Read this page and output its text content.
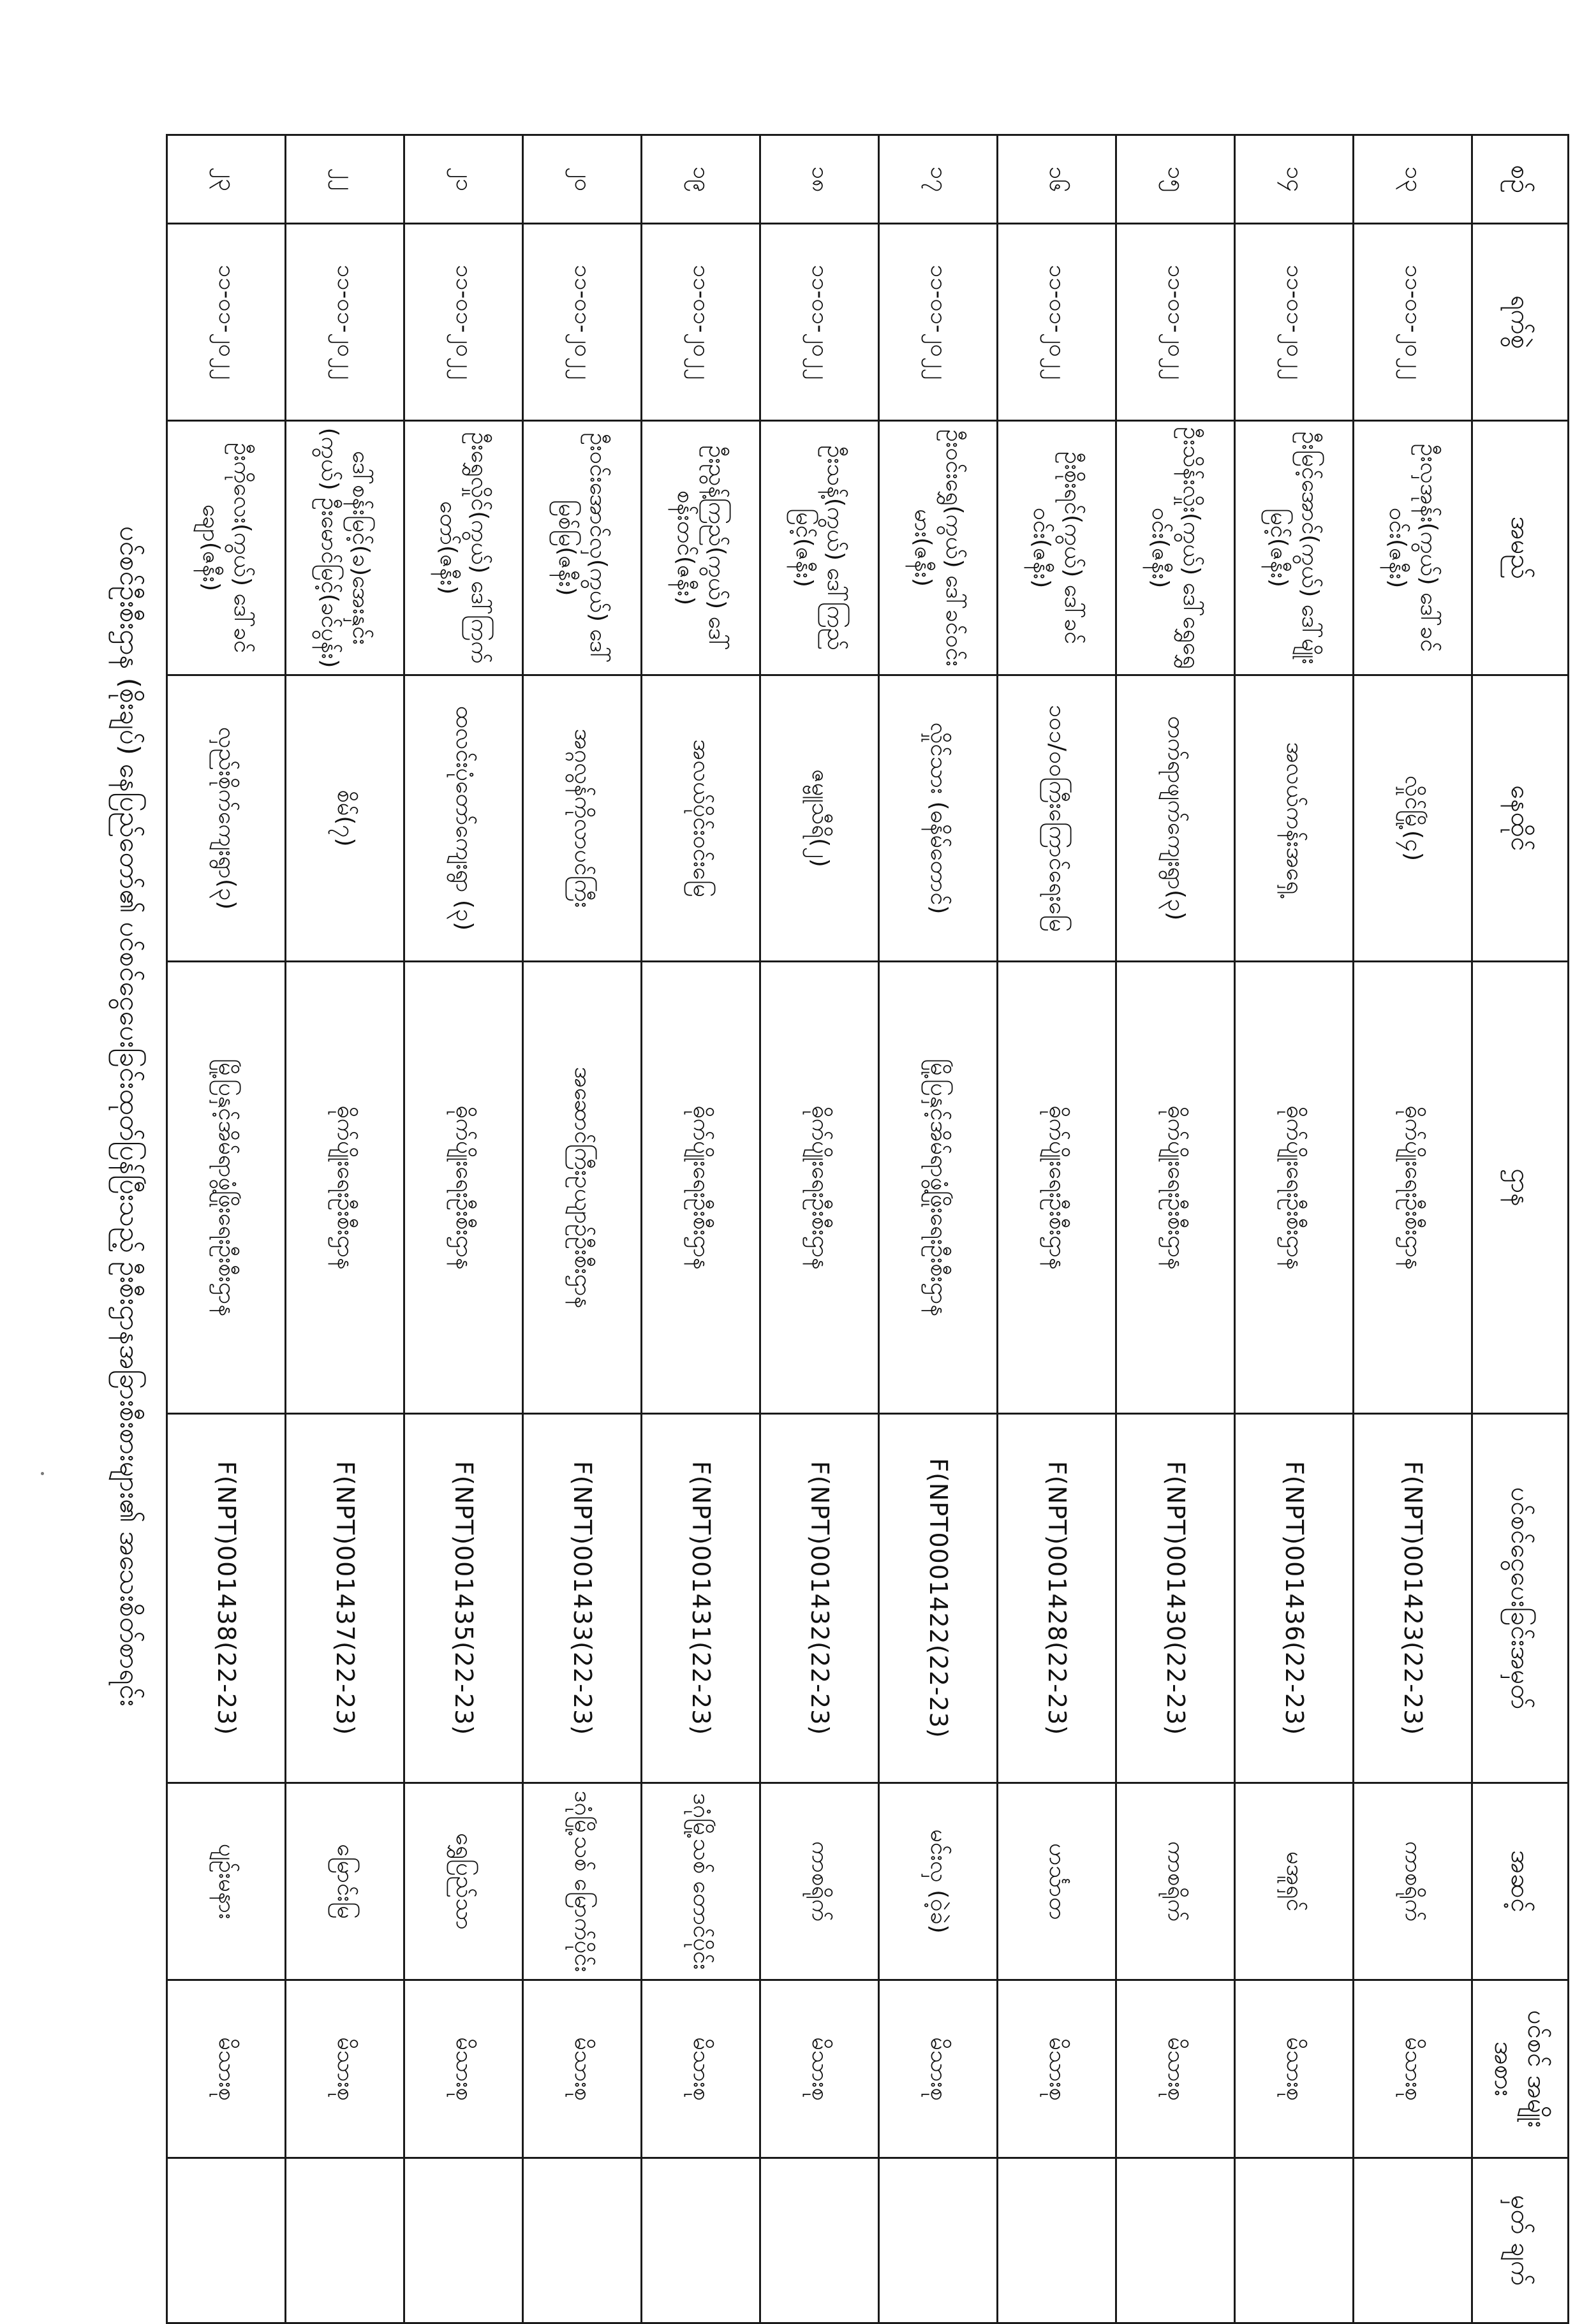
စဉ်	ရက်စွဲ	အမည်	နေထိုင်	ဌာန	ပင်စင်ငွေပေးခြင်းအမှတ်	အဆင့်	ပင်စင် အမျိုးအစား	မှတ် ချက်
၁၃	၁၁-၀၁-၂၀၂၂	ဦးလှအုန်း(ကွယ်) ဒေါ်ခင်ဝင်း(ဇနီး)	လှိုင်မြို့(၄)	ဓိုက်ပျိုးရေးဦးစီးဌာန	F(NPT)001423(22-23)	ကာစရိုက်	မိသားစု	
၁၄	၁၁-၀၁-၂၀၂၂	ဦးမြင့်အောင်(ကွယ်) ဒေါ်မျိုးမြင့်(ဇနီး)	အလယ်ကန်းအရှေ့	ဓိုက်ပျိုးရေးဦးစီးဌာန	F(NPT)001436(22-23)	မအူရှင်	မိသားစု	
၁၅	၁၁-၀၁-၂၀၂၂	ဦးသိန်းလှိုး(ကွယ်) ဒေါ်ရွှေရွှေဝင်း(ဇနီး)	တက်ရာဖျက်ကျေးရွာ(၃)	ဓိုက်ပျိုးရေးဦးစီးဌာန	F(NPT)001430(22-23)	ကာစရိုက်	မိသားစု	
၁၆	၁၁-၀၁-၂၀၂၂	ဦးစိုးရင်(ကွယ်) ဒေါ်ခင်ဝင်း(ဇနီး)	၁၀၁/၀၀ကြီးကြောင်ရေးမြေ	ဓိုက်ပျိုးရေးဦးစီးဌာန	F(NPT)001428(22-23)	ဟင်္သာတ	မိသားစု	
၁၇	၁၁-၀၁-၂၀၂၂	ဦးဝင်းရွှေ(ကွယ်) ဒေါ်ခင်ဝင်းမား(ဇနီး)	လှိုင်သား (ဓနိမ်တောင်)	မြို့ပြနှင့်အိမ်ရာဖွံ့ဖြိုးရေးဦးစီးဌာန	F(NPT0001422(22-23)	မင်းလှ (ဝဲ့ခဲ)	မိသားစု	
၁၈	၁၁-၀၁-၂၀၂၂	ဦးသန့်(ကွယ်) ဒေါ်ကြည်မြင့်(ဇနီး)	ဇမ္ဗူသီရိ(၂)	ဓိုက်ပျိုးရေးဦးစီးဌာန	F(NPT)001432(22-23)	ကာစရိုက်	မိသားစု	
၁၉	၁၁-၀၁-၂၀၂၂	ဦးညွန့်ကြည်(ကွယ်) ဒေါ်စန်းတင်(ဇနီး)	အလယ်ပိုင်းဝင်းမြေ	ဓိုက်ပျိုးရေးဦးစီးဌာန	F(NPT)001431(22-23)	ဒဂုံမြို့သစ် တောင်ပိုင်း	မိသားစု	
၂၀	၁၁-၀၁-၂၀၂၂	ဦးဝင်းအောင်လှ(ကွယ်) ဒေါ်မြစ်မြ(ဇနီး)	အဂ္ဂလွန်ကိုလာပင်ကြီး	အဆောင်ကြီးဥယျာဉ်ဦးစီးဌာန	F(NPT)001433(22-23)	ဒဂုံမြို့သစ် မြောက်ပိုင်း	မိသားစု	
၂၁	၁၁-၀၁-၂၀၂၂	ဦးရွှေလှိုင်(ကွယ်) ဒေါ်ကြက်တော်(ဇနီး)	ထလင်းပုံတော်ကျေးရွာ (၃)	ဓိုက်ပျိုးရေးဦးစီးဌာန	F(NPT)001435(22-23)	ရွှေပြည်သာ	မိသားစု	
၂၂	၁၁-၀၁-၂၀၂၂	ဒေါ်စန်းမြင့်(ခ)အေးနှင်း (ကွယ်) ဦးမောင်မြင့်(ခင်ပွန်း)	စိမ်(၇)	ဓိုက်ပျိုးရေးဦးစီးဌာန	F(NPT)001437(22-23)	မြောင်းမြ	မိသားစု	
၂၃	၁၁-၀၁-၂၀၂၂	ဦးကိုလေး(ကွယ်) ဒေါ်ခင်ချော(ဇနီး)	လှည်းစိုက်ကျေးရွာ(၃)	မြို့ပြနှင့်အိမ်ရာဖွံ့ဖြိုးရေးဦးစီးဌာန	F(NPT)001438(22-23)	ပျဉ်းမနား	မိသားစု	
ပင်စင်ဦးစီးဌာန (စိုးချပ်) နေပြည်တော်၏ ပင်စင်ငွေပေးခြင်းထုတ်ပြန်ပြီးသည့် ဦးစီးဌာနအခြားစီးစားများ၏ အသေးစိတ်စာရင်း
